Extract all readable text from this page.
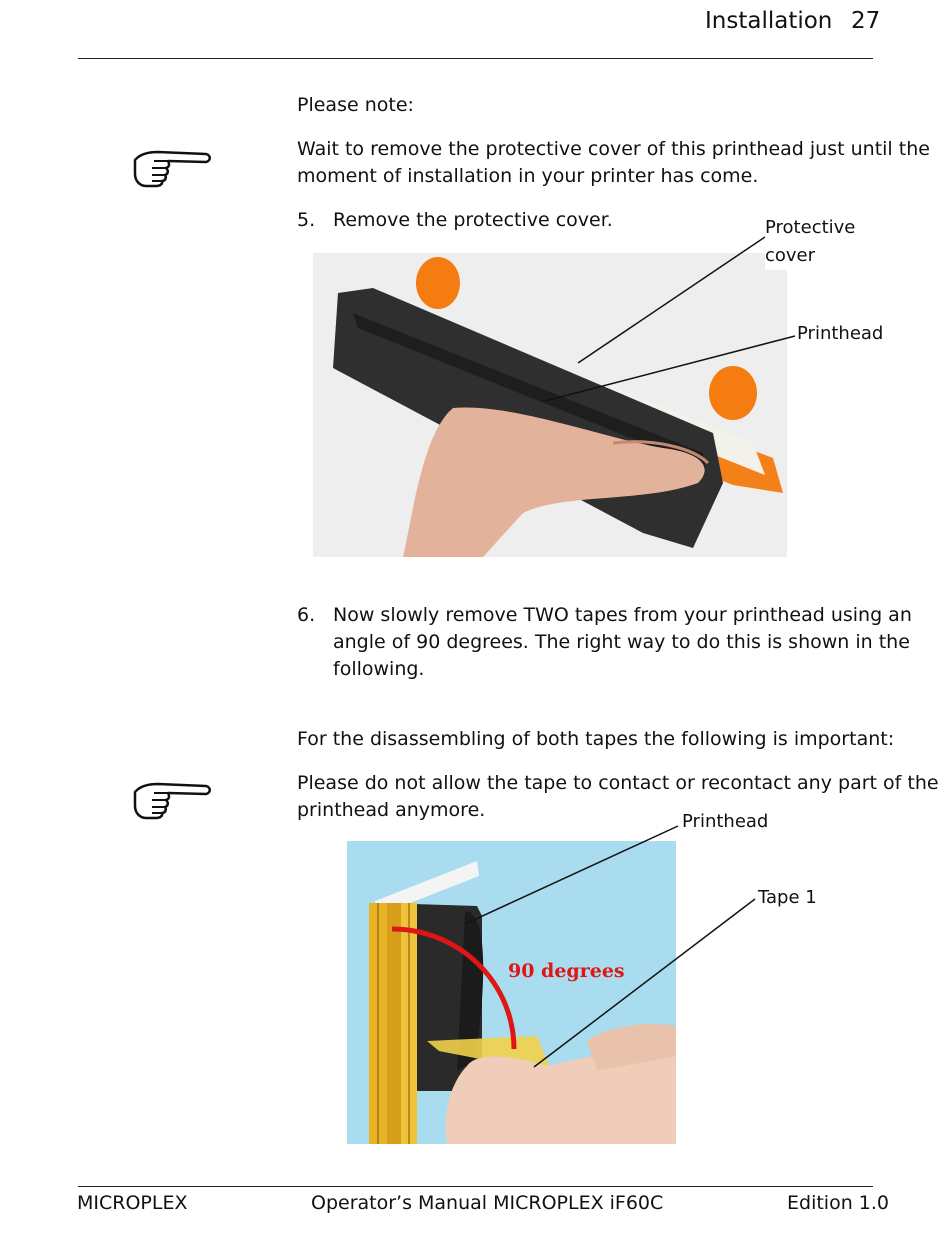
Installation 27
Please note:
Wait to remove the protective cover of this printhead just until the
moment of installation in your printer has come.
5. Remove the protective cover.	Protective
cover
Printhead
6. Now slowly remove TWO tapes from your printhead using an
angle of 90 degrees. The right way to do this is shown in the
following.
For the disassembling of both tapes the following is important:
Please do not allow the tape to contact or recontact any part of the
printhead anymore.
90 degrees
Printhead
Tape 1
MICROPLEX	Operator’s Manual MICROPLEX iF60C	Edition 1.0
